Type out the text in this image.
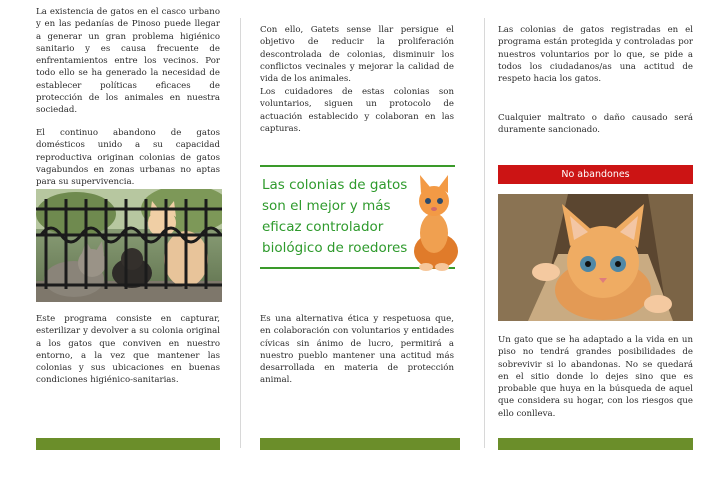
La existencia de gatos en el casco urbano y en las pedanías de Pinoso puede llegar a generar un gran problema higiénico sanitario y es causa frecuente de enfrentamientos entre los vecinos. Por todo ello se ha generado la necesidad de establecer políticas eficaces de protección de los animales en nuestra sociedad.

El continuo abandono de gatos domésticos unido a su capacidad reproductiva originan colonias de gatos vagabundos en zonas urbanas no aptas para su supervivencia.

Este programa consiste en capturar, esterilizar y devolver a su colonia original a los gatos que conviven en nuestro entorno, a la vez que mantener las colonias y sus ubicaciones en buenas condiciones higiénico-sanitarias.

Con ello, Gatets sense llar persigue el objetivo de reducir la proliferación descontrolada de colonias, disminuir los conflictos vecinales y mejorar la calidad de vida de los animales.

Los cuidadores de estas colonias son voluntarios, siguen un protocolo de actuación establecido y colaboran en las capturas.

Las colonias de gatos
son el mejor y más
eficaz controlador
biológico de roedores

Es una alternativa ética y respetuosa que, en colaboración con voluntarios y entidades cívicas sin ánimo de lucro, permitirá a nuestro pueblo mantener una actitud más desarrollada en materia de protección animal.

Las colonias de gatos registradas en el programa están protegida y controladas por nuestros voluntarios por lo que, se pide a todos los ciudadanos/as una actitud de respeto hacia los gatos.

Cualquier maltrato o daño causado será duramente sancionado.

No abandones

Un gato que se ha adaptado a la vida en un piso no tendrá grandes posibilidades de sobrevivir si lo abandonas. No se quedará en el sitio donde lo dejes sino que es probable que huya en la búsqueda de aquel que considera su hogar, con los riesgos que ello conlleva.
